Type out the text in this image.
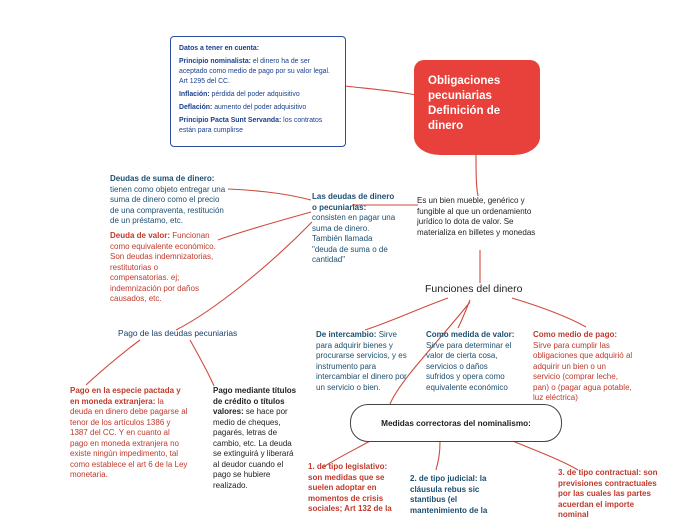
Obligaciones pecuniarias Definición de dinero
Datos a tener en cuenta:

Principio nominalista: el dinero ha de ser aceptado como medio de pago por su valor legal. Art 1295 del CC.

Inflación: pérdida del poder adquisitivo

Deflación: aumento del poder adquisitivo

Principio Pacta Sunt Servanda: los contratos están para cumplirse

Es un bien mueble, genérico y fungible al que un ordenamiento jurídico lo dota de valor. Se materializa en billetes y monedas
Las deudas de dinero o pecuniarias: consisten en pagar una suma de dinero. También llamada "deuda de suma o de cantidad"
Deudas de suma de dinero: tienen como objeto entregar una suma de dinero como el precio de una compraventa, restitución de un préstamo, etc.
Deuda de valor: Funcionan como equivalente económico. Son deudas indemnizatorias, restitutorias o compensatorias. ej; indemnización por daños causados, etc.
Pago de las deudas pecuniarias
Pago en la especie pactada y en moneda extranjera: la deuda en dinero debe pagarse al tenor de los artículos 1386 y 1387 del CC. Y en cuanto al pago en moneda extranjera no existe ningún impedimento, tal como establece el art 6 de la Ley monetaria.
Pago mediante títulos de crédito o títulos valores: se hace por medio de cheques, pagarés, letras de cambio, etc. La deuda se extinguirá y liberará al deudor cuando el pago se hubiere realizado.
Funciones del dinero
De intercambio: Sirve para adquirir bienes y procurarse servicios, y es instrumento para intercambiar el dinero por un servicio o bien.
Como medida de valor: Sirve para determinar el valor de cierta cosa, servicios o daños sufridos y opera como equivalente económico
Como medio de pago: Sirve para cumplir las obligaciones que adquirió al adquirir un bien o un servicio (comprar leche, pan) o (pagar agua potable, luz eléctrica)
Medidas correctoras del nominalismo:
1. de tipo legislativo: son medidas que se suelen adoptar en momentos de crisis sociales; Art 132 de la
2. de tipo judicial: la cláusula rebus sic stantibus (el mantenimiento de la
3. de tipo contractual: son previsiones contractuales por las cuales las partes acuerdan el importe nominal
